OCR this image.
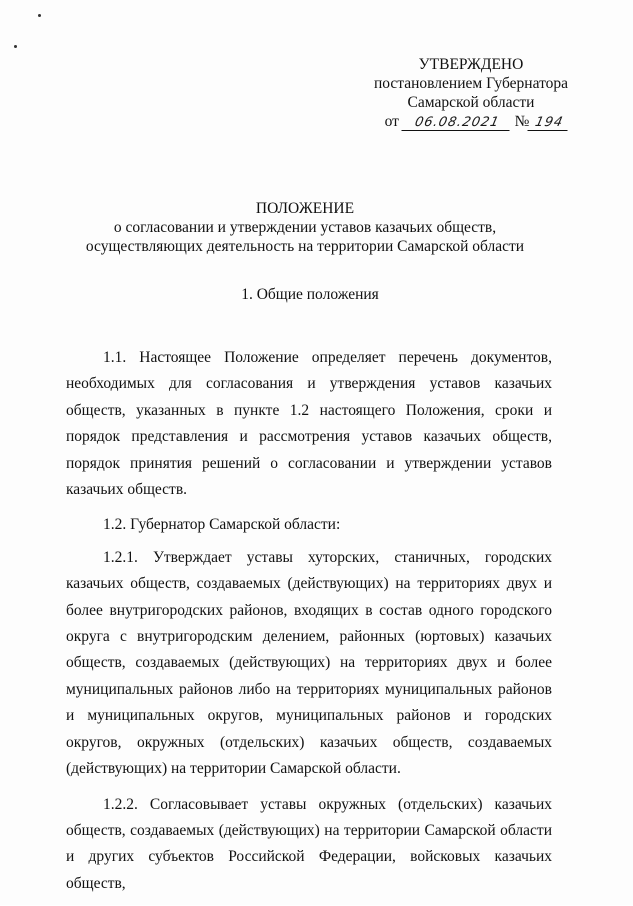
УТВЕРЖДЕНО
постановлением Губернатора
Самарской области
от 06.08.2021 № 194
ПОЛОЖЕНИЕ
о согласовании и утверждении уставов казачьих обществ,
осуществляющих деятельность на территории Самарской области
1. Общие положения

1.1. Настоящее Положение определяет перечень документов, необходимых для согласования и утверждения уставов казачьих обществ, указанных в пункте 1.2 настоящего Положения, сроки и порядок представления и рассмотрения уставов казачьих обществ, порядок принятия решений о согласовании и утверждении уставов казачьих обществ.

1.2. Губернатор Самарской области:

1.2.1. Утверждает уставы хуторских, станичных, городских казачьих обществ, создаваемых (действующих) на территориях двух и более внутригородских районов, входящих в состав одного городского округа с внутригородским делением, районных (юртовых) казачьих обществ, создаваемых (действующих) на территориях двух и более муниципальных районов либо на территориях муниципальных районов и муниципальных округов, муниципальных районов и городских округов, окружных (отдельских) казачьих обществ, создаваемых (действующих) на территории Самарской области.

1.2.2. Согласовывает уставы окружных (отдельских) казачьих обществ, создаваемых (действующих) на территории Самарской области и других субъектов Российской Федерации, войсковых казачьих обществ,
